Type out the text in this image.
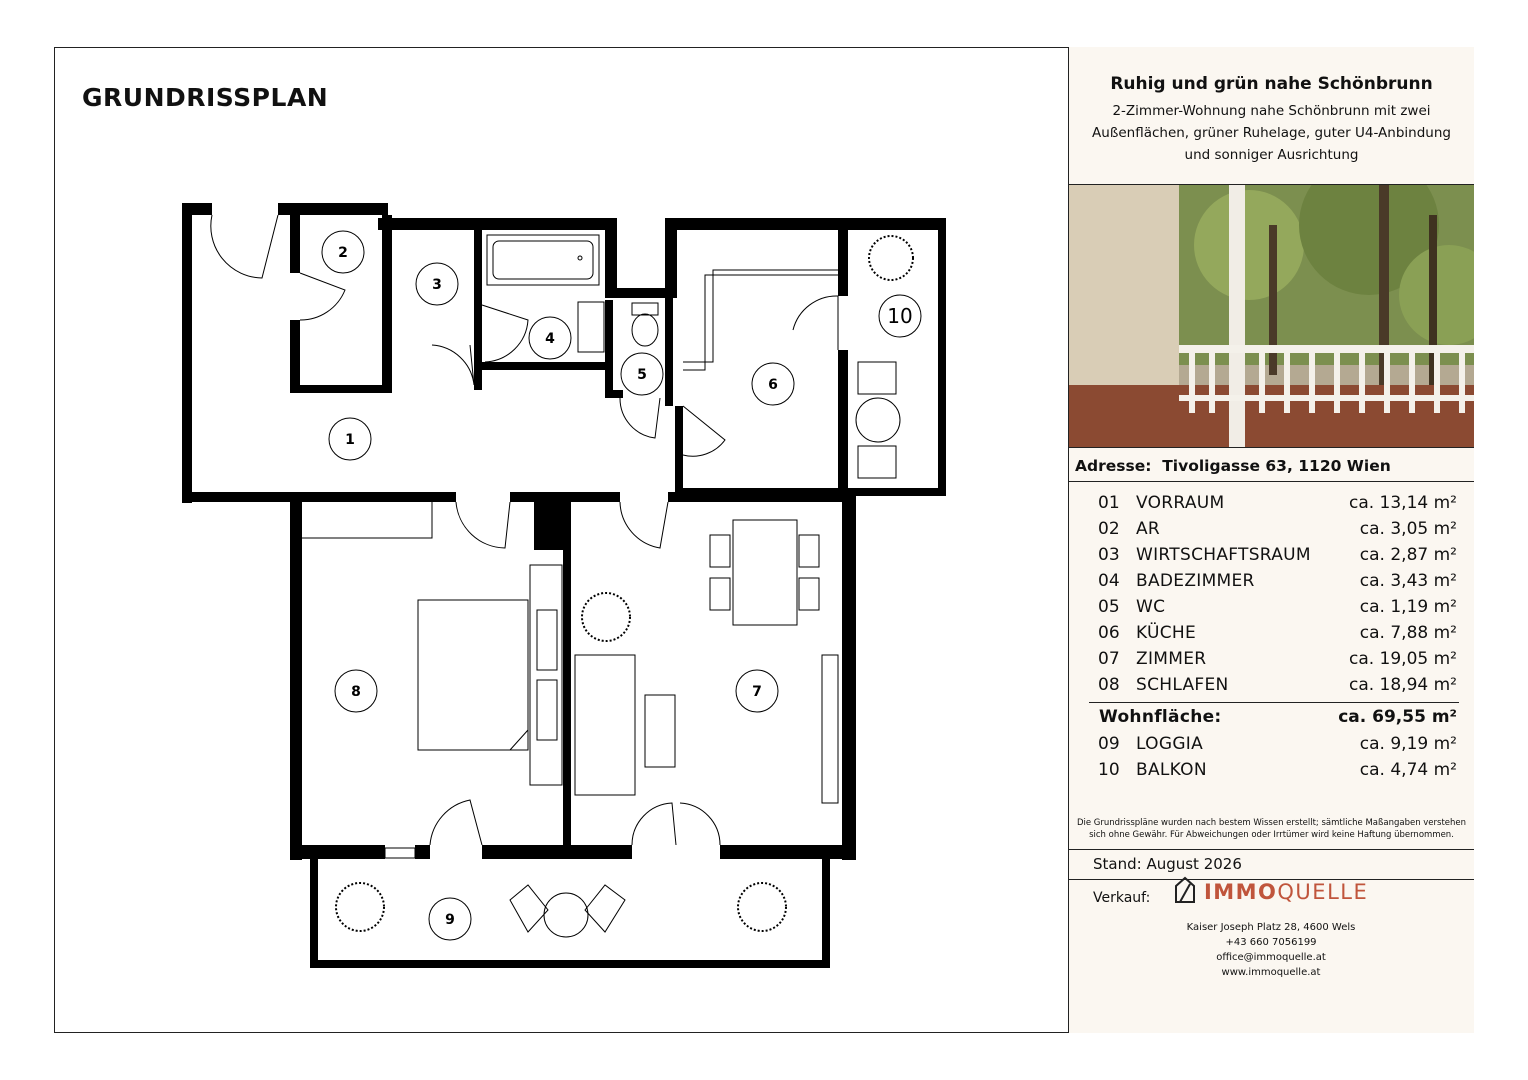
GRUNDRISSPLAN
2
3
4
5
6
1
7
8
9
10
Ruhig und grün nahe Schönbrunn

2-Zimmer-Wohnung nahe Schönbrunn mit zwei Außenflächen, grüner Ruhelage, guter U4-Anbindung und sonniger Ausrichtung

Adresse: Tivoligasse 63, 1120 Wien
01 VORRAUM	ca. 13,14 m²
02 AR	ca. 3,05 m²
03 WIRTSCHAFTSRAUM	ca. 2,87 m²
04 BADEZIMMER	ca. 3,43 m²
05 WC	ca. 1,19 m²
06 KÜCHE	ca. 7,88 m²
07 ZIMMER	ca. 19,05 m²
08 SCHLAFEN	ca. 18,94 m²
Wohnfläche:	ca. 69,55 m²
09 LOGGIA	ca. 9,19 m²
10 BALKON	ca. 4,74 m²
Die Grundrisspläne wurden nach bestem Wissen erstellt; sämtliche Maßangaben verstehen sich ohne Gewähr. Für Abweichungen oder Irrtümer wird keine Haftung übernommen.
Stand: August 2026
Verkauf:	IMMOQUELLE
Kaiser Joseph Platz 28, 4600 Wels
+43 660 7056199
office@immoquelle.at
www.immoquelle.at
